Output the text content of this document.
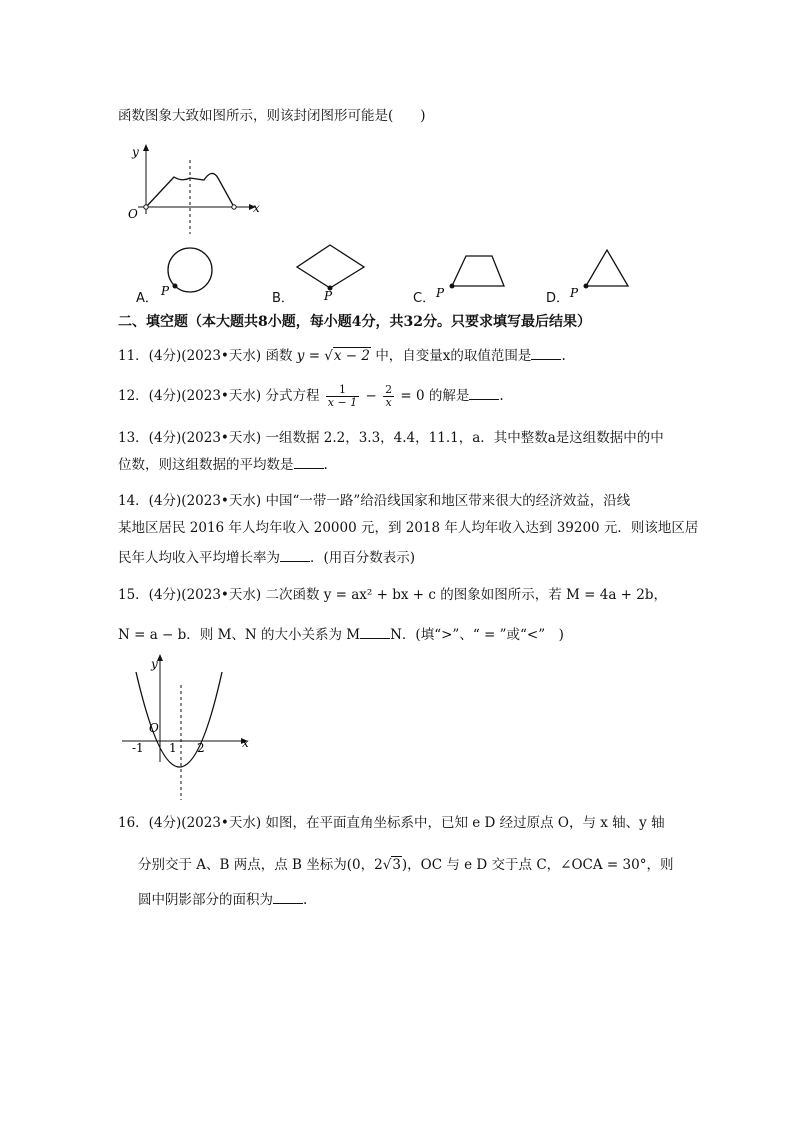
函数图象大致如图所示，则该封闭图形可能是(　　)
y
x
O
A． P	B．	P	C． P	D． P
二、填空题（本大题共8小题，每小题4分，共32分。只要求填写最后结果）
11．(4分)(2023•天水) 函数 y = √x − 2 中，自变量x的取值范围是 .
12．(4分)(2023•天水) 分式方程 $\frac{1}{x - 1} - \frac{2}{x} = 0$ 的解是 .
13．(4分)(2023•天水) 一组数据 2.2，3.3，4.4，11.1，a．其中整数a是这组数据中的中
位数，则这组数据的平均数是 .
14．(4分)(2023•天水) 中国“一带一路”给沿线国家和地区带来很大的经济效益，沿线
某地区居民 2016 年人均年收入 20000 元，到 2018 年人均年收入达到 39200 元．则该地区居
民年人均收入平均增长率为 ．(用百分数表示)
15．(4分)(2023•天水) 二次函数 y = ax² + bx + c 的图象如图所示，若 M = 4a + 2b，
N = a − b．则 M、N 的大小关系为 M N．(填“>”、“ = ”或“<”　)
y
x
O
-1 1 2
16．(4分)(2023•天水) 如图，在平面直角坐标系中，已知 e D 经过原点 O，与 x 轴、y 轴
分别交于 A、B 两点，点 B 坐标为(0，2√3)，OC 与 e D 交于点 C，∠OCA = 30°，则
圆中阴影部分的面积为 .
